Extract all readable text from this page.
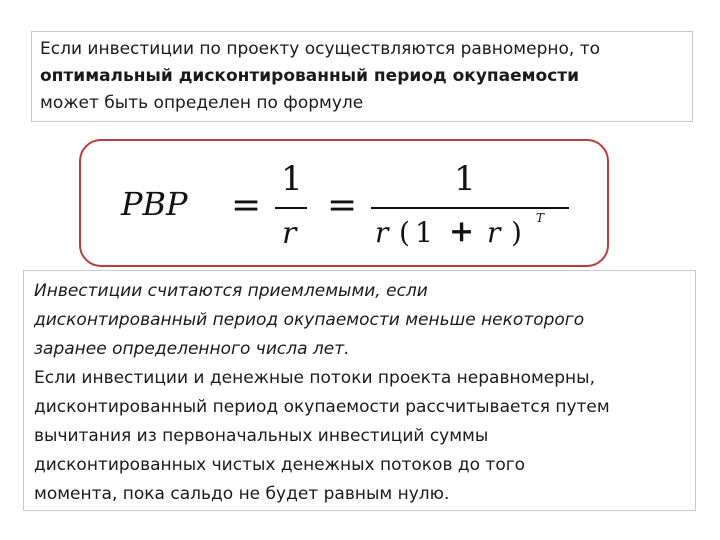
Если инвестиции по проекту осуществляются равномерно, то
оптимальный дисконтированный период окупаемости
может быть определен по формуле
PBP =
1
r
=
1
r ( 1 + r ) T
Инвестиции считаются приемлемыми, если
дисконтированный период окупаемости меньше некоторого
заранее определенного числа лет.
Если инвестиции и денежные потоки проекта неравномерны,
дисконтированный период окупаемости рассчитывается путем
вычитания из первоначальных инвестиций суммы
дисконтированных чистых денежных потоков до того
момента, пока сальдо не будет равным нулю.
